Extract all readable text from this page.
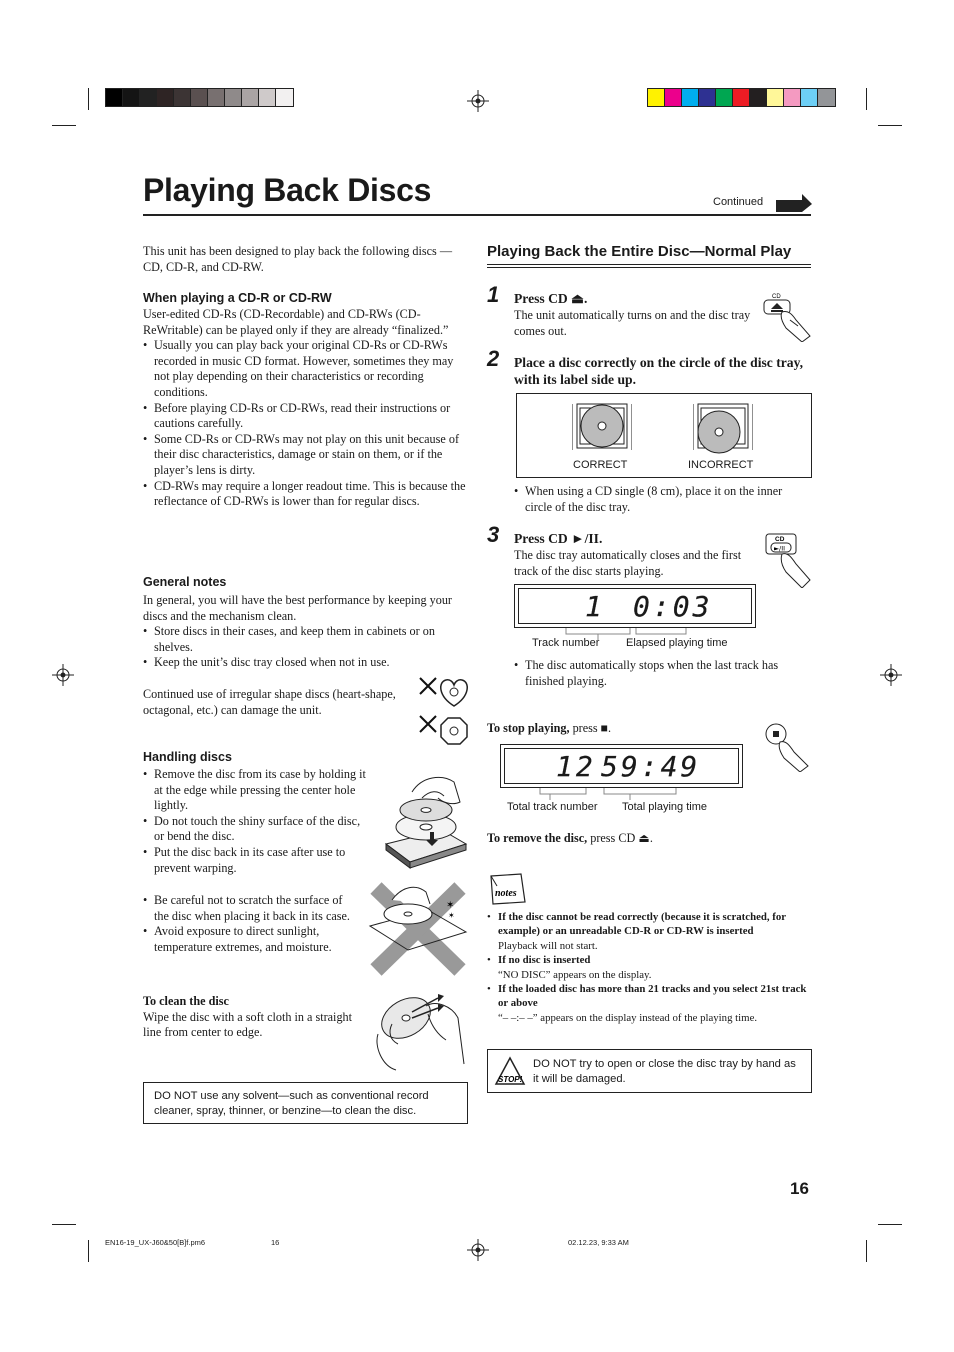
Playing Back Discs	Continued
This unit has been designed to play back the following discs —CD, CD-R, and CD-RW.
When playing a CD-R or CD-RW
User-edited CD-Rs (CD-Recordable) and CD-RWs (CD-ReWritable) can be played only if they are already “finalized.”
• Usually you can play back your original CD-Rs or CD-RWs recorded in music CD format. However, sometimes they may not play depending on their characteristics or recording conditions.
• Before playing CD-Rs or CD-RWs, read their instructions or cautions carefully.
• Some CD-Rs or CD-RWs may not play on this unit because of their disc characteristics, damage or stain on them, or if the player’s lens is dirty.
• CD-RWs may require a longer readout time. This is because the reflectance of CD-RWs is lower than for regular discs.
General notes
In general, you will have the best performance by keeping your discs and the mechanism clean.
• Store discs in their cases, and keep them in cabinets or on shelves.
• Keep the unit’s disc tray closed when not in use.
Continued use of irregular shape discs (heart-shape, octagonal, etc.) can damage the unit.
Handling discs
• Remove the disc from its case by holding it at the edge while pressing the center hole lightly.
• Do not touch the shiny surface of the disc, or bend the disc.
• Put the disc back in its case after use to prevent warping.
• Be careful not to scratch the surface of the disc when placing it back in its case.
• Avoid exposure to direct sunlight, temperature extremes, and moisture.
✶
✶
To clean the disc
Wipe the disc with a soft cloth in a straight line from center to edge.
DO NOT use any solvent—such as conventional record cleaner, spray, thinner, or benzine—to clean the disc.
Playing Back the Entire Disc—Normal Play
1 Press CD ⏏.
The unit automatically turns on and the disc tray comes out.
CD
2 Place a disc correctly on the circle of the disc tray, with its label side up.
CORRECT	INCORRECT
• When using a CD single (8 cm), place it on the inner circle of the disc tray.
3 Press CD ►/II.
The disc tray automatically closes and the first track of the disc starts playing.
CD
►/II
1 0:03
Track number Elapsed playing time
• The disc automatically stops when the last track has finished playing.
To stop playing, press ■.
12 59:49
Total track number Total playing time
To remove the disc, press CD ⏏.
notes
• If the disc cannot be read correctly (because it is scratched, for example) or an unreadable CD-R or CD-RW is inserted
Playback will not start.
• If no disc is inserted
“NO DISC” appears on the display.
• If the loaded disc has more than 21 tracks and you select 21st track or above
“– –:– –” appears on the display instead of the playing time.
STOP!
DO NOT try to open or close the disc tray by hand as it will be damaged.
16
EN16-19_UX-J60&50[B]f.pm6	16	02.12.23, 9:33 AM
